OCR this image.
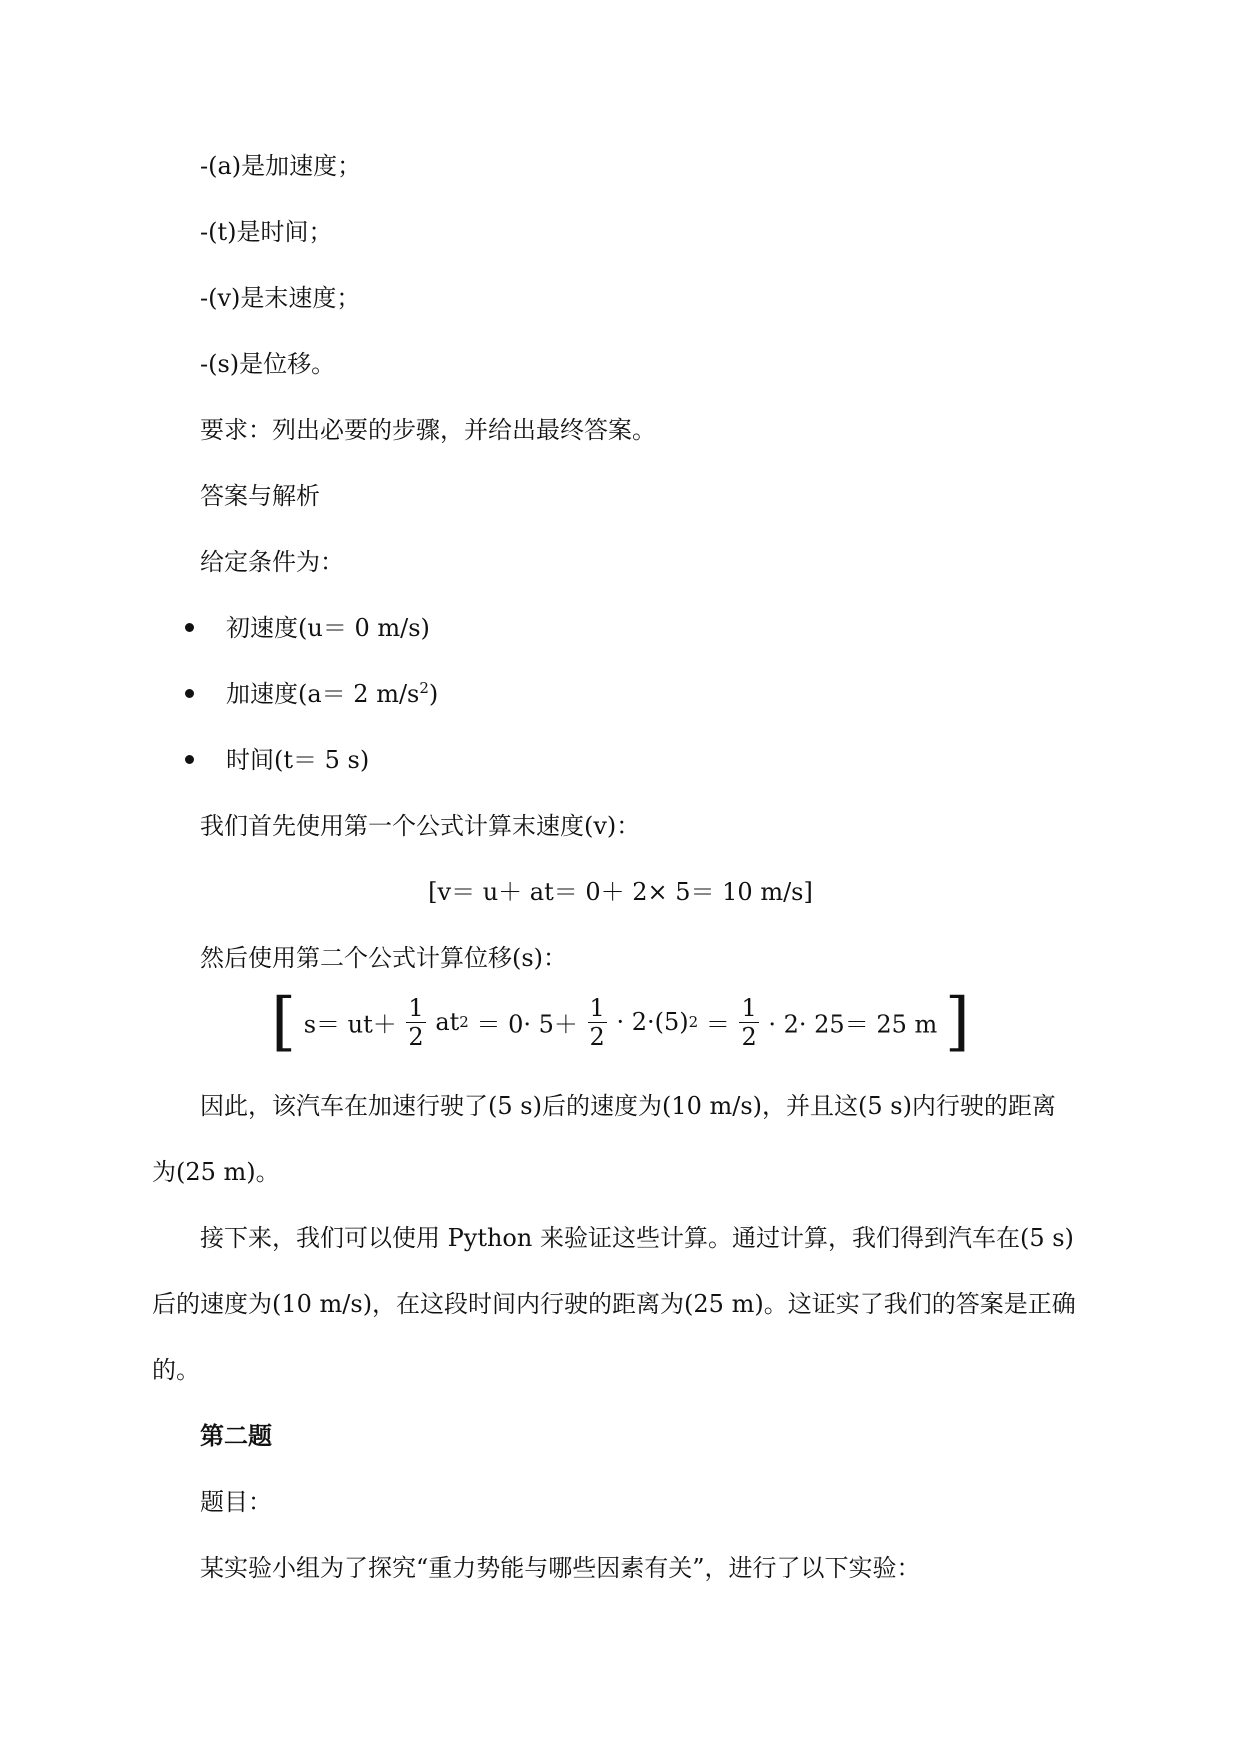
-(a)是加速度；
-(t)是时间；
-(v)是末速度；
-(s)是位移。
要求：列出必要的步骤，并给出最终答案。
答案与解析
给定条件为：
初速度(u＝ 0 m/s)
加速度(a＝ 2 $m/s^2$)
时间(t＝ 5 s)
我们首先使用第一个公式计算末速度(v)：
[v＝ u＋ at＝ 0＋ 2× 5＝ 10 m/s]
然后使用第二个公式计算位移(s)：
[ $s= ut+ \frac{1}{2} at2 = 0\cdot 5+ \frac{1}{2} \cdot 2\cdot(5)2 = \frac{1}{2} \cdot 2\cdot 25= 25$ m ]
因此，该汽车在加速行驶了(5 s)后的速度为(10 m/s)，并且这(5 s)内行驶的距离
为(25 m)。
接下来，我们可以使用 Python 来验证这些计算。通过计算，我们得到汽车在(5 s)
后的速度为(10 m/s)，在这段时间内行驶的距离为(25 m)。这证实了我们的答案是正确
的。
第二题
题目：
某实验小组为了探究“重力势能与哪些因素有关”，进行了以下实验：
